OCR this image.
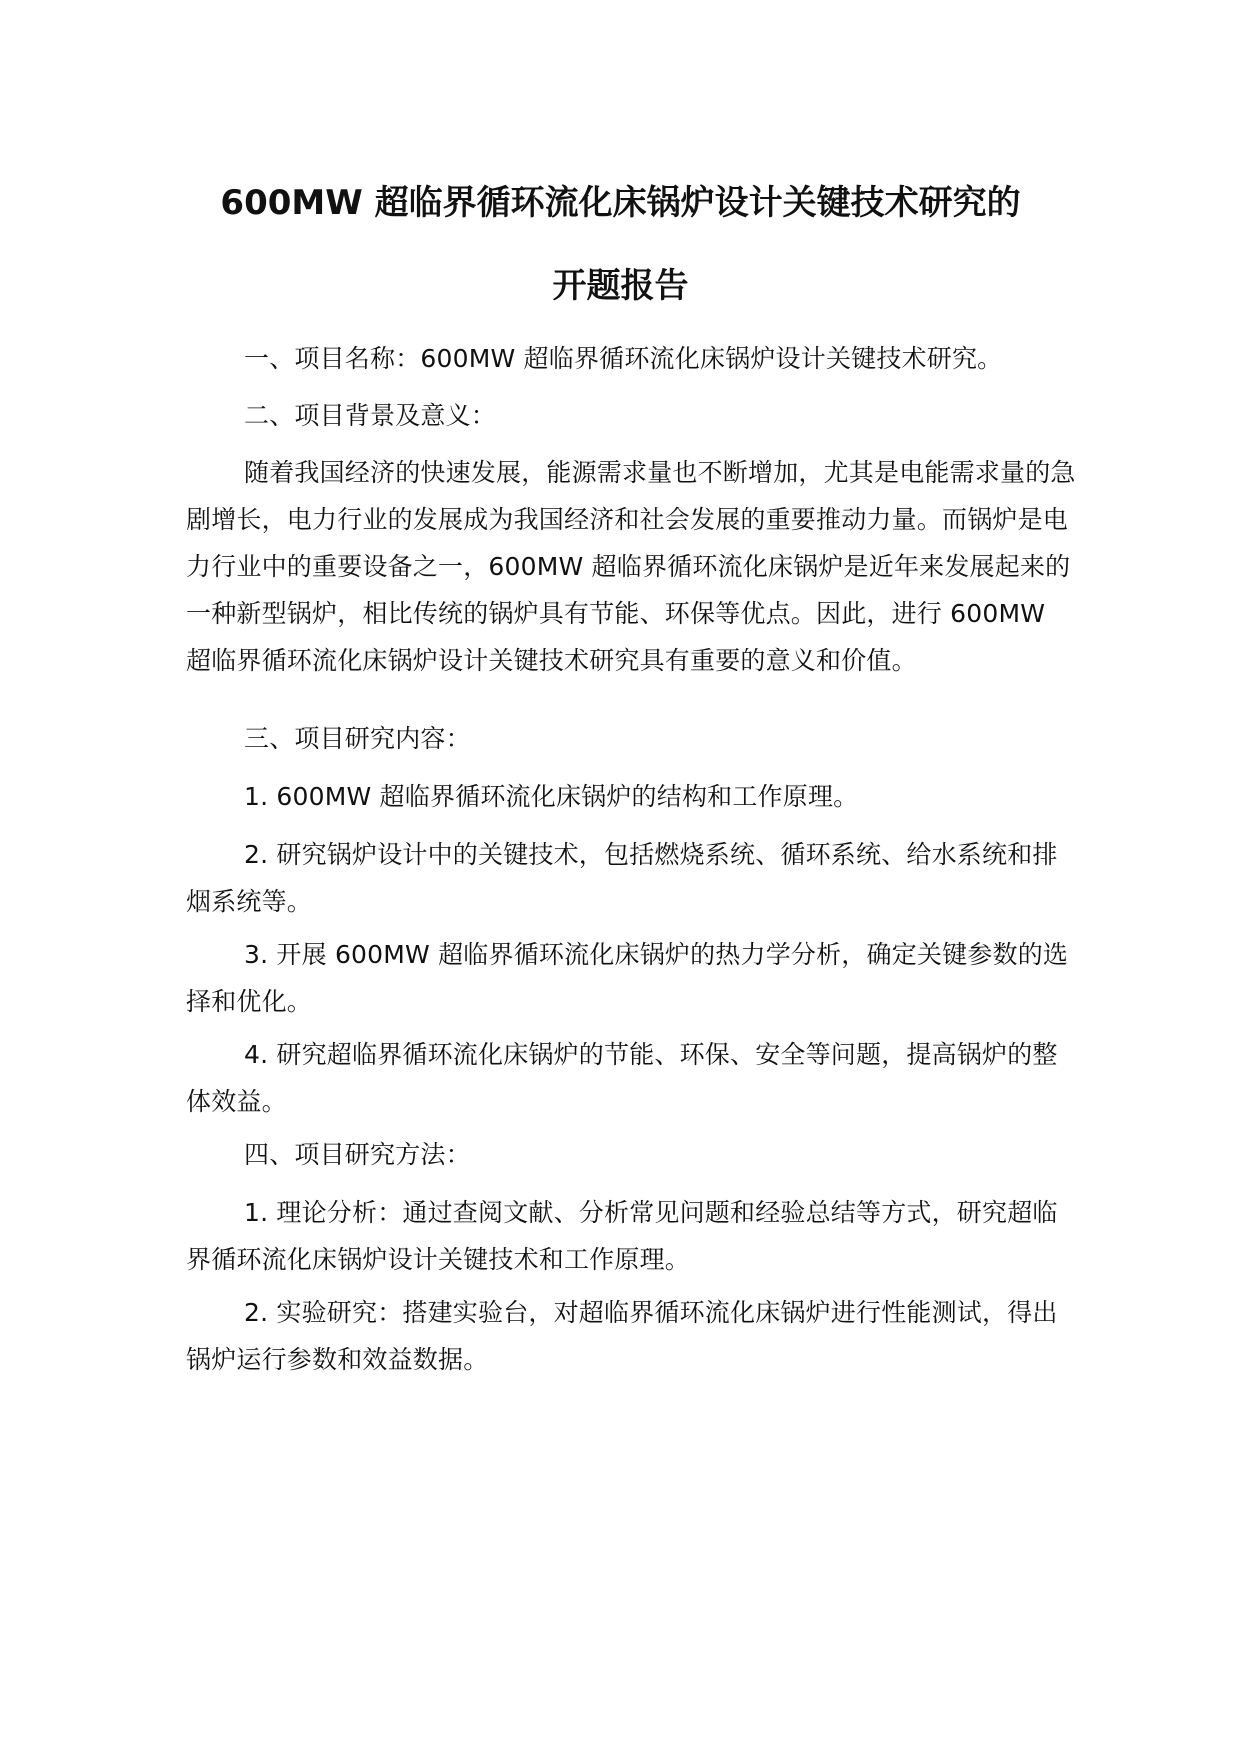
600MW 超临界循环流化床锅炉设计关键技术研究的
开题报告

一、项目名称：600MW 超临界循环流化床锅炉设计关键技术研究。

二、项目背景及意义：

随着我国经济的快速发展，能源需求量也不断增加，尤其是电能需求量的急剧增长，电力行业的发展成为我国经济和社会发展的重要推动力量。而锅炉是电力行业中的重要设备之一，600MW 超临界循环流化床锅炉是近年来发展起来的一种新型锅炉，相比传统的锅炉具有节能、环保等优点。因此，进行 600MW 超临界循环流化床锅炉设计关键技术研究具有重要的意义和价值。

三、项目研究内容：

1. 600MW 超临界循环流化床锅炉的结构和工作原理。

2. 研究锅炉设计中的关键技术，包括燃烧系统、循环系统、给水系统和排烟系统等。

3. 开展 600MW 超临界循环流化床锅炉的热力学分析，确定关键参数的选择和优化。

4. 研究超临界循环流化床锅炉的节能、环保、安全等问题，提高锅炉的整体效益。

四、项目研究方法：

1. 理论分析：通过查阅文献、分析常见问题和经验总结等方式，研究超临界循环流化床锅炉设计关键技术和工作原理。

2. 实验研究：搭建实验台，对超临界循环流化床锅炉进行性能测试，得出锅炉运行参数和效益数据。
